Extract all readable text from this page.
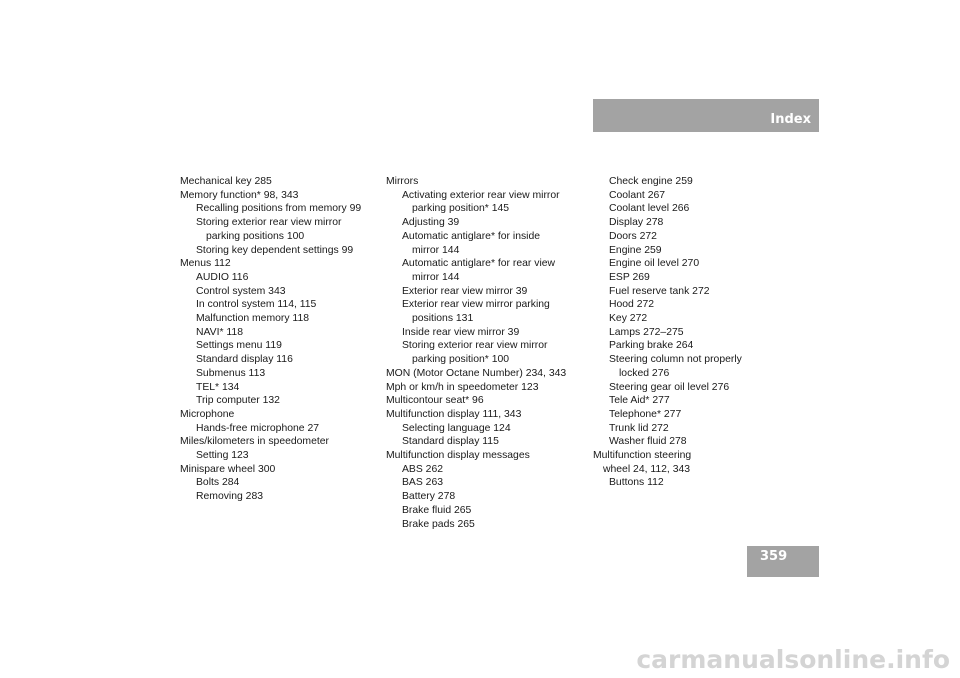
Index
Mechanical key 285
Memory function* 98, 343
Recalling positions from memory 99
Storing exterior rear view mirror
parking positions 100
Storing key dependent settings 99
Menus 112
AUDIO 116
Control system 343
In control system 114, 115
Malfunction memory 118
NAVI* 118
Settings menu 119
Standard display 116
Submenus 113
TEL* 134
Trip computer 132
Microphone
Hands-free microphone 27
Miles/kilometers in speedometer
Setting 123
Minispare wheel 300
Bolts 284
Removing 283
Mirrors
Activating exterior rear view mirror
parking position* 145
Adjusting 39
Automatic antiglare* for inside
mirror 144
Automatic antiglare* for rear view
mirror 144
Exterior rear view mirror 39
Exterior rear view mirror parking
positions 131
Inside rear view mirror 39
Storing exterior rear view mirror
parking position* 100
MON (Motor Octane Number) 234, 343
Mph or km/h in speedometer 123
Multicontour seat* 96
Multifunction display 111, 343
Selecting language 124
Standard display 115
Multifunction display messages
ABS 262
BAS 263
Battery 278
Brake fluid 265
Brake pads 265
Check engine 259
Coolant 267
Coolant level 266
Display 278
Doors 272
Engine 259
Engine oil level 270
ESP 269
Fuel reserve tank 272
Hood 272
Key 272
Lamps 272–275
Parking brake 264
Steering column not properly
locked 276
Steering gear oil level 276
Tele Aid* 277
Telephone* 277
Trunk lid 272
Washer fluid 278
Multifunction steering
wheel 24, 112, 343
Buttons 112
359
carmanualsonline.info
